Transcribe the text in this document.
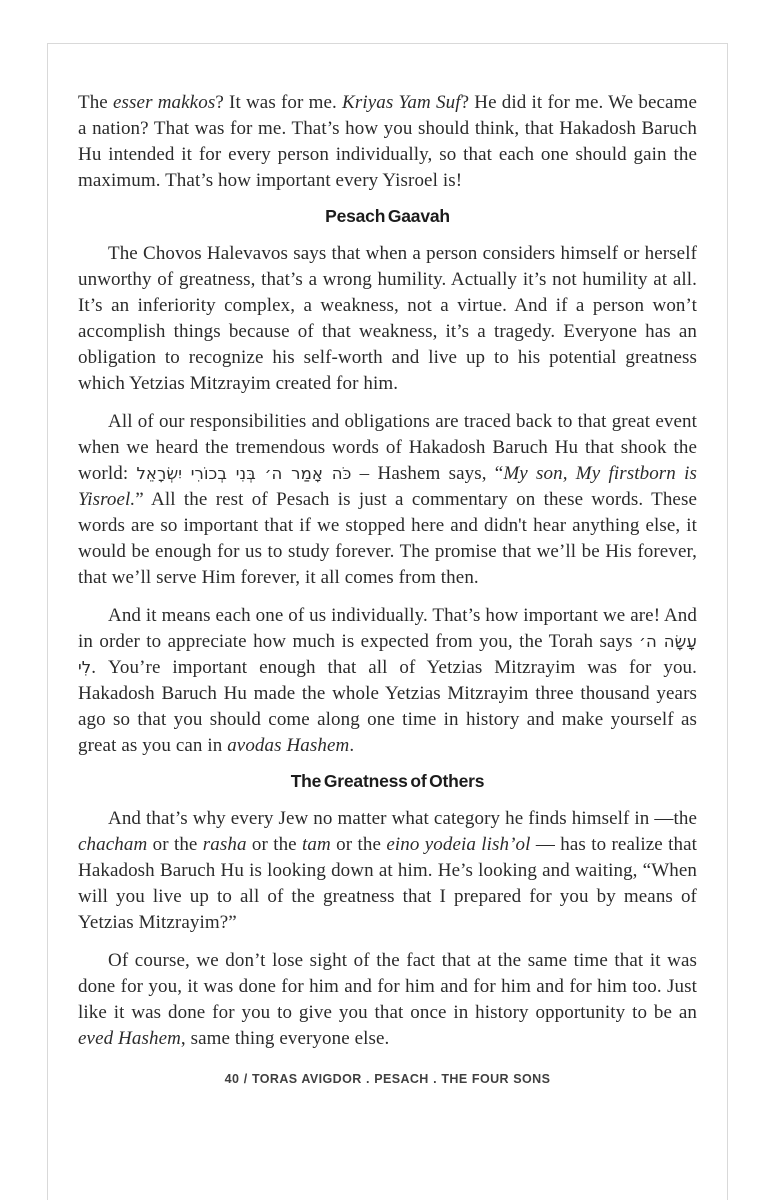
The esser makkos? It was for me. Kriyas Yam Suf? He did it for me. We became a nation? That was for me. That’s how you should think, that Hakadosh Baruch Hu intended it for every person individually, so that each one should gain the maximum. That’s how important every Yisroel is!

Pesach Gaavah

The Chovos Halevavos says that when a person considers himself or herself unworthy of greatness, that’s a wrong humility. Actually it’s not humility at all. It’s an inferiority complex, a weakness, not a virtue. And if a person won’t accomplish things because of that weakness, it’s a tragedy. Everyone has an obligation to recognize his self-worth and live up to his potential greatness which Yetzias Mitzrayim created for him.

All of our responsibilities and obligations are traced back to that great event when we heard the tremendous words of Hakadosh Baruch Hu that shook the world: כֹּה אָמַר ה׳ בְּנִי בְכוֹרִי יִשְׂרָאֵל – Hashem says, “My son, My firstborn is Yisroel.” All the rest of Pesach is just a commentary on these words. These words are so important that if we stopped here and didn't hear anything else, it would be enough for us to study forever. The promise that we’ll be His forever, that we’ll serve Him forever, it all comes from then.

And it means each one of us individually. That’s how important we are! And in order to appreciate how much is expected from you, the Torah says עָשָׂה ה׳ לִי. You’re important enough that all of Yetzias Mitzrayim was for you. Hakadosh Baruch Hu made the whole Yetzias Mitzrayim three thousand years ago so that you should come along one time in history and make yourself as great as you can in avodas Hashem.

The Greatness of Others

And that’s why every Jew no matter what category he finds himself in —the chacham or the rasha or the tam or the eino yodeia lish’ol — has to realize that Hakadosh Baruch Hu is looking down at him. He’s looking and waiting, “When will you live up to all of the greatness that I prepared for you by means of Yetzias Mitzrayim?”

Of course, we don’t lose sight of the fact that at the same time that it was done for you, it was done for him and for him and for him and for him too. Just like it was done for you to give you that once in history opportunity to be an eved Hashem, same thing everyone else.

40 / TORAS AVIGDOR . PESACH . THE FOUR SONS
